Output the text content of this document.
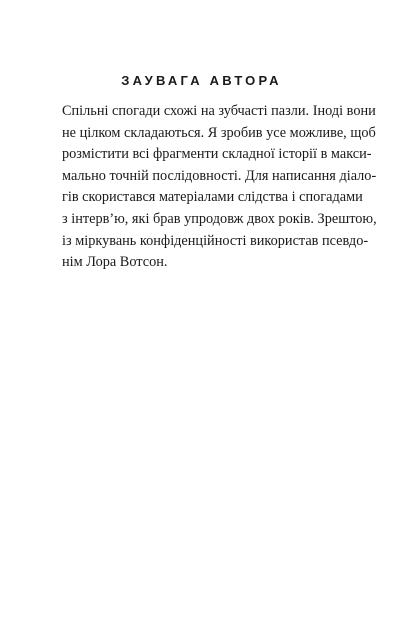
ЗАУВАГА АВТОРА
Спільні спогади схожі на зубчасті пазли. Іноді вони
не цілком складаються. Я зробив усе можливе, щоб
розмістити всі фрагменти складної історії в макси-
мально точній послідовності. Для написання діало-
гів скористався матеріалами слідства і спогадами
з інтерв’ю, які брав упродовж двох років. Зрештою,
із міркувань конфіденційності використав псевдо-
нім Лора Вотсон.
